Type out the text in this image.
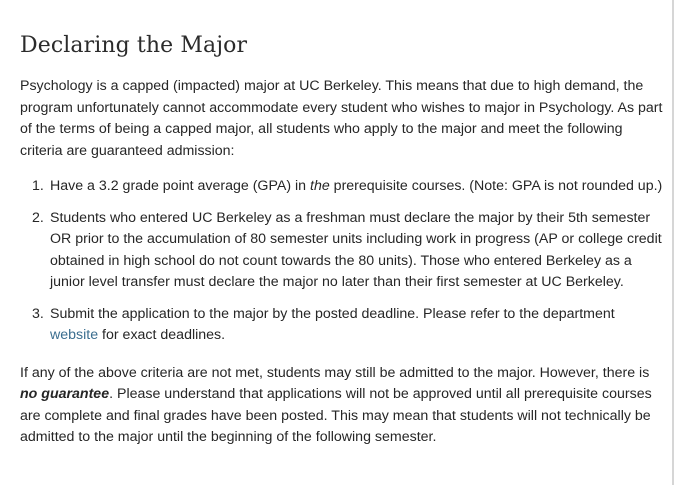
Declaring the Major

Psychology is a capped (impacted) major at UC Berkeley. This means that due to high demand, the program unfortunately cannot accommodate every student who wishes to major in Psychology. As part of the terms of being a capped major, all students who apply to the major and meet the following criteria are guaranteed admission:

1. Have a 3.2 grade point average (GPA) in the prerequisite courses. (Note: GPA is not rounded up.)
2. Students who entered UC Berkeley as a freshman must declare the major by their 5th semester OR prior to the accumulation of 80 semester units including work in progress (AP or college credit obtained in high school do not count towards the 80 units). Those who entered Berkeley as a junior level transfer must declare the major no later than their first semester at UC Berkeley.
3. Submit the application to the major by the posted deadline. Please refer to the department website for exact deadlines.

If any of the above criteria are not met, students may still be admitted to the major. However, there is no guarantee. Please understand that applications will not be approved until all prerequisite courses are complete and final grades have been posted. This may mean that students will not technically be admitted to the major until the beginning of the following semester.
